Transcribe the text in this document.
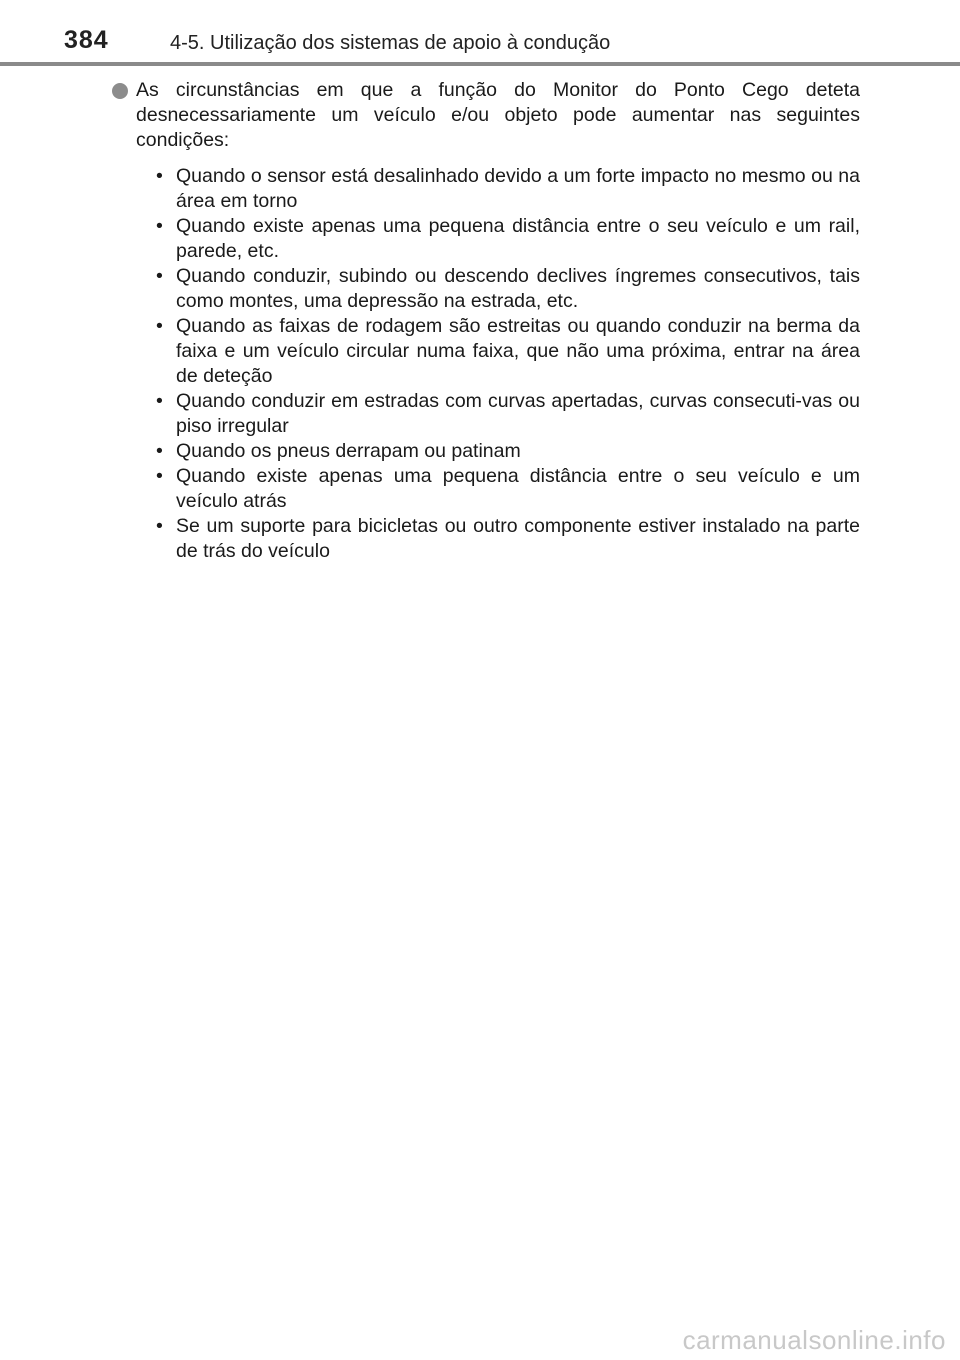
384	4-5. Utilização dos sistemas de apoio à condução
As circunstâncias em que a função do Monitor do Ponto Cego deteta desnecessariamente um veículo e/ou objeto pode aumentar nas seguintes condições:
• Quando o sensor está desalinhado devido a um forte impacto no mesmo ou na área em torno
• Quando existe apenas uma pequena distância entre o seu veículo e um rail, parede, etc.
• Quando conduzir, subindo ou descendo declives íngremes consecutivos, tais como montes, uma depressão na estrada, etc.
• Quando as faixas de rodagem são estreitas ou quando conduzir na berma da faixa e um veículo circular numa faixa, que não uma próxima, entrar na área de deteção
• Quando conduzir em estradas com curvas apertadas, curvas consecuti-vas ou piso irregular
• Quando os pneus derrapam ou patinam
• Quando existe apenas uma pequena distância entre o seu veículo e um veículo atrás
• Se um suporte para bicicletas ou outro componente estiver instalado na parte de trás do veículo
carmanualsonline.info
